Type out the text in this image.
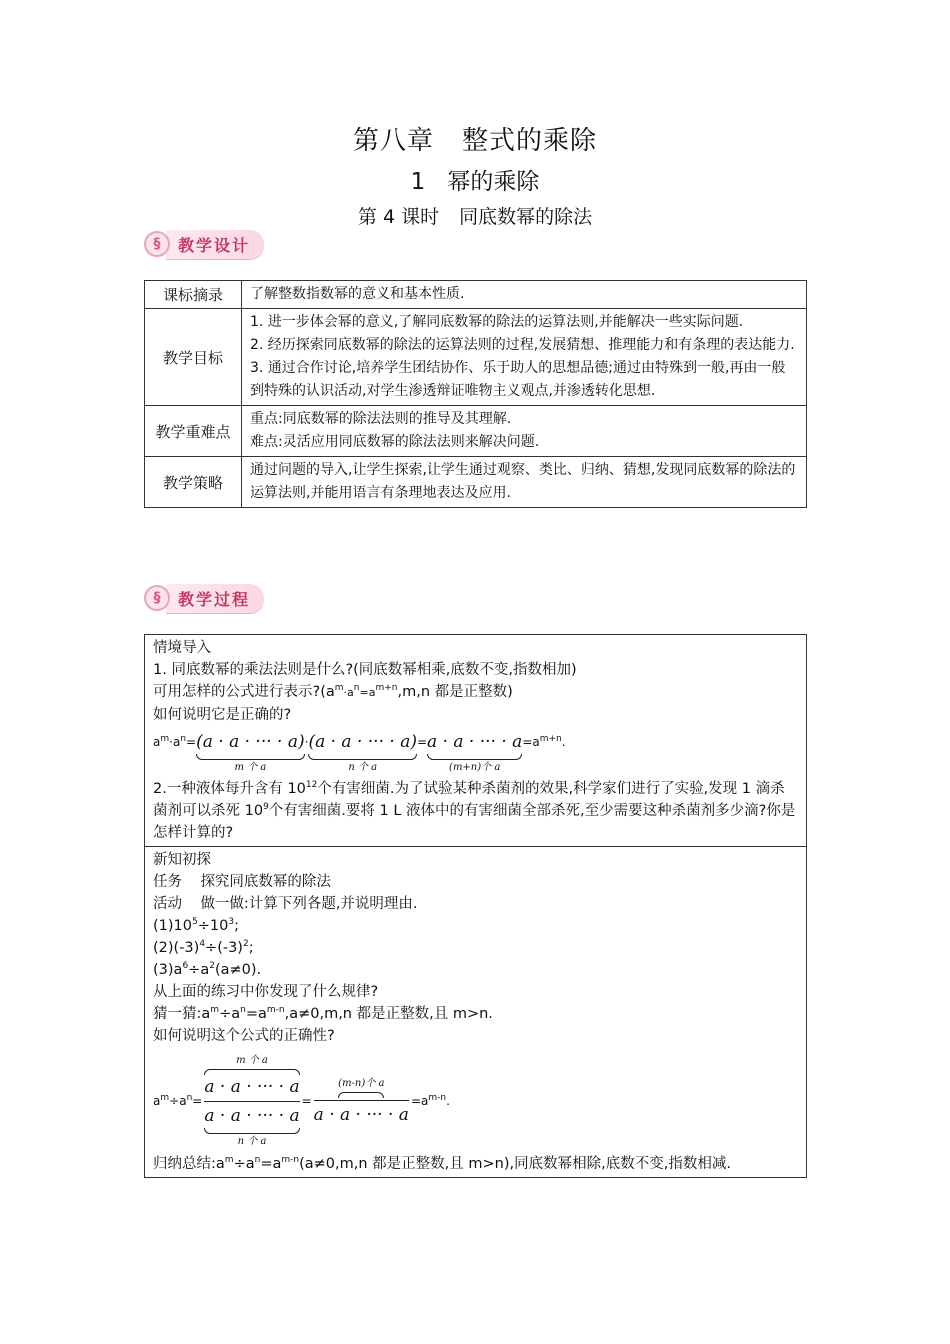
第八章 整式的乘除
1 幂的乘除
第 4 课时 同底数幂的除法
§	教学设计
课标摘录	了解整数指数幂的意义和基本性质.
教学目标	1. 进一步体会幂的意义,了解同底数幂的除法的运算法则,并能解决一些实际问题.
2. 经历探索同底数幂的除法的运算法则的过程,发展猜想、推理能力和有条理的表达能力.
3. 通过合作讨论,培养学生团结协作、乐于助人的思想品德;通过由特殊到一般,再由一般到特殊的认识活动,对学生渗透辩证唯物主义观点,并渗透转化思想.

教学重难点	重点:同底数幂的除法法则的推导及其理解.
难点:灵活应用同底数幂的除法法则来解决问题.

教学策略	通过问题的导入,让学生探索,让学生通过观察、类比、归纳、猜想,发现同底数幂的除法的运算法则,并能用语言有条理地表达及应用.
§	教学过程
情境导入
1. 同底数幂的乘法法则是什么?(同底数幂相乘,底数不变,指数相加)
可用怎样的公式进行表示$?(a^m\cdot a^n=a^{m+n},m,n$ 都是正整数)
如何说明它是正确的?
$a^m\cdot a^n= (a \cdot a$ · ··· · a)
m 个 a
· (a · a · ··· · a)
n 个 a
= a · a · ··· · a
(m+n)个 a
$=a^{m+n}$.
2.一种液体每升含有 $10^{12}$个有害细菌.为了试验某种杀菌剂的效果,科学家们进行了实验,发现 1 滴杀菌剂可以杀死 $10^9$个有害细菌.要将 1 L 液体中的有害细菌全部杀死,至少需要这种杀菌剂多少滴?你是怎样计算的?
新知初探
任务 探究同底数幂的除法
活动 做一做:计算下列各题,并说明理由.
$(1)10^5\div 10^3$;
$(2)(-3)^4\div(-3)^2$;
$(3)a^6\div a^2(a\ne 0)$.
从上面的练习中你发现了什么规律?
猜一猜$:a^m\div a^n=a^{m-n},a\ne 0,m,n$ 都是正整数,且 m>n.
如何说明这个公式的正确性?
$a^m\div a^n= m$ 个 a
a · a · ··· · a
a · a · ··· · a
n 个 $a = \frac{\text{(m-n)个 a}}{a \cdot a \cdot \cdot\cdot\cdot \cdot a} =a^{m-n}$.
归纳总结$:a^m\div a^n=a^{m-n}(a\ne 0,m,n$ 都是正整数,且 m>n),同底数幂相除,底数不变,指数相减.
